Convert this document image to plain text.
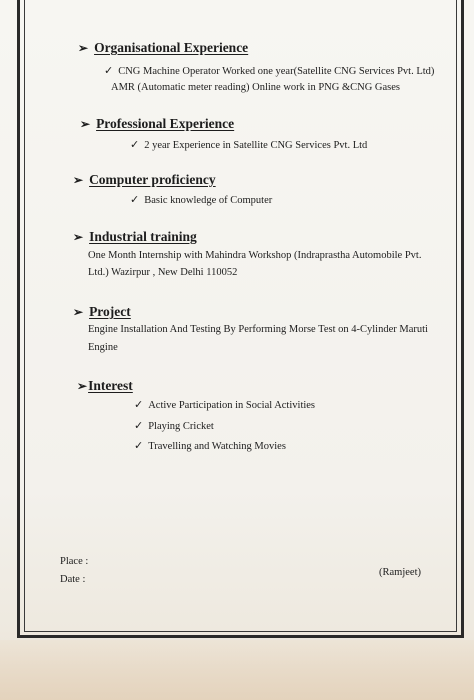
➢ Organisational Experience
✓ CNG Machine Operator Worked one year(Satellite CNG Services Pvt. Ltd)
AMR (Automatic meter reading) Online work in PNG &CNG Gases
➢ Professional Experience
✓ 2 year Experience in Satellite CNG Services Pvt. Ltd
➢ Computer proficiency
✓ Basic knowledge of Computer
➢ Industrial training
One Month Internship with Mahindra Workshop (Indraprastha Automobile Pvt.
Ltd.) Wazirpur , New Delhi 110052
➢ Project
Engine Installation And Testing By Performing Morse Test on 4-Cylinder Maruti
Engine
➢ Interest
✓ Active Participation in Social Activities
✓ Playing Cricket
✓ Travelling and Watching Movies
Place :
Date :
(Ramjeet)
